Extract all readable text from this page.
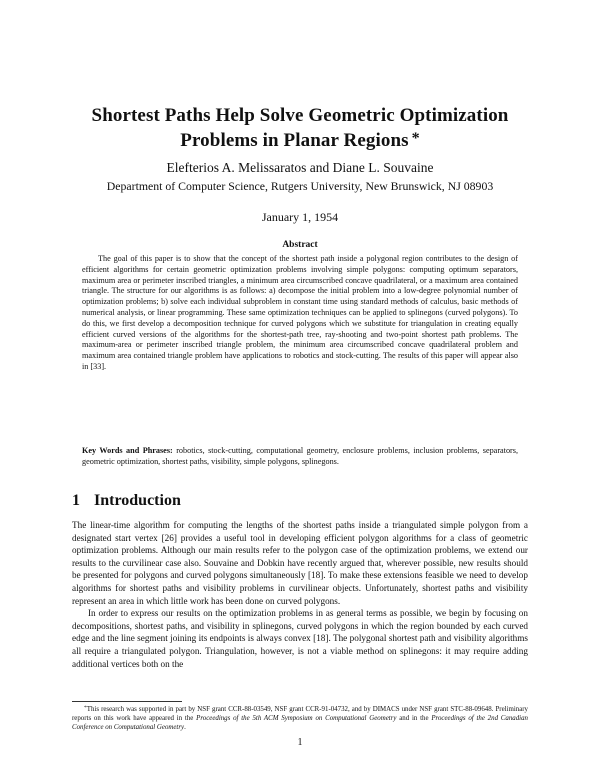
Shortest Paths Help Solve Geometric Optimization Problems in Planar Regions *
Elefterios A. Melissaratos and Diane L. Souvaine
Department of Computer Science, Rutgers University, New Brunswick, NJ 08903
January 1, 1954
Abstract

The goal of this paper is to show that the concept of the shortest path inside a polygonal region contributes to the design of efficient algorithms for certain geometric optimization problems involving simple polygons: computing optimum separators, maximum area or perimeter inscribed triangles, a minimum area circumscribed concave quadrilateral, or a maximum area contained triangle. The structure for our algorithms is as follows: a) decompose the initial problem into a low-degree polynomial number of optimization problems; b) solve each individual subproblem in constant time using standard methods of calculus, basic methods of numerical analysis, or linear programming. These same optimization techniques can be applied to splinegons (curved polygons). To do this, we first develop a decomposition technique for curved polygons which we substitute for triangulation in creating equally efficient curved versions of the algorithms for the shortest-path tree, ray-shooting and two-point shortest path problems. The maximum-area or perimeter inscribed triangle problem, the minimum area circumscribed concave quadrilateral problem and maximum area contained triangle problem have applications to robotics and stock-cutting. The results of this paper will appear also in [33].

Key Words and Phrases: robotics, stock-cutting, computational geometry, enclosure problems, inclusion problems, separators, geometric optimization, shortest paths, visibility, simple polygons, splinegons.
1 Introduction

The linear-time algorithm for computing the lengths of the shortest paths inside a triangulated simple polygon from a designated start vertex [26] provides a useful tool in developing efficient polygon algorithms for a class of geometric optimization problems. Although our main results refer to the polygon case of the optimization problems, we extend our results to the curvilinear case also. Souvaine and Dobkin have recently argued that, wherever possible, new results should be presented for polygons and curved polygons simultaneously [18]. To make these extensions feasible we need to develop algorithms for shortest paths and visibility problems in curvilinear objects. Unfortunately, shortest paths and visibility represent an area in which little work has been done on curved polygons.

In order to express our results on the optimization problems in as general terms as possible, we begin by focusing on decompositions, shortest paths, and visibility in splinegons, curved polygons in which the region bounded by each curved edge and the line segment joining its endpoints is always convex [18]. The polygonal shortest path and visibility algorithms all require a triangulated polygon. Triangulation, however, is not a viable method on splinegons: it may require adding additional vertices both on the

*This research was supported in part by NSF grant CCR-88-03549, NSF grant CCR-91-04732, and by DIMACS under NSF grant STC-88-09648. Preliminary reports on this work have appeared in the Proceedings of the 5th ACM Symposium on Computational Geometry and in the Proceedings of the 2nd Canadian Conference on Computational Geometry.

1
